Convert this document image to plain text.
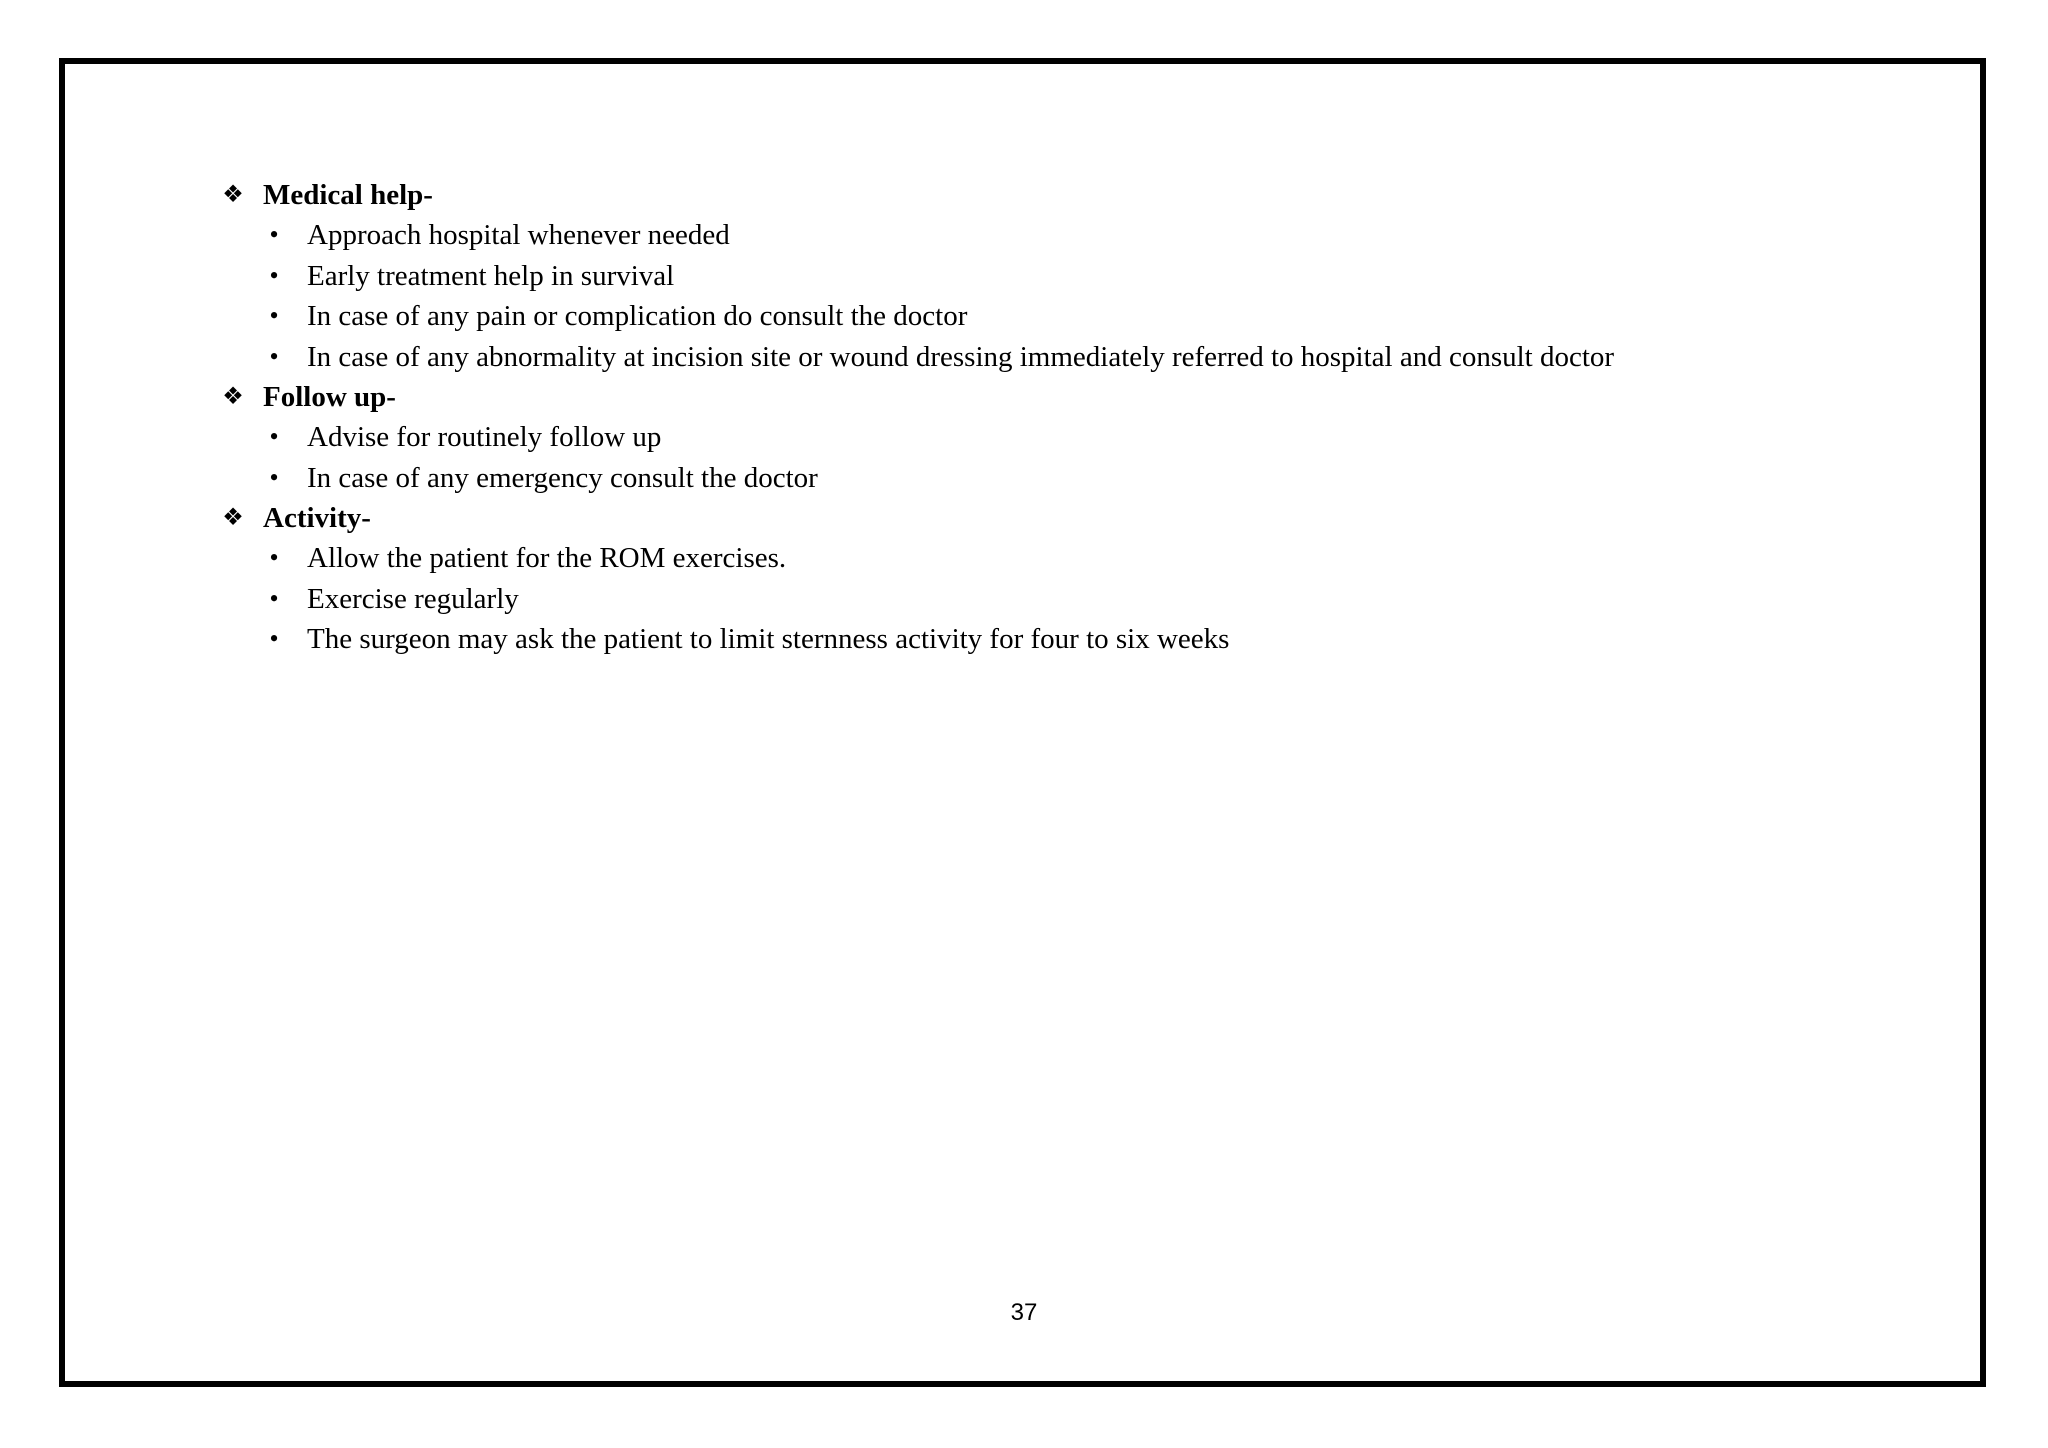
❖ Medical help-
• Approach hospital whenever needed
• Early treatment help in survival
• In case of any pain or complication do consult the doctor
• In case of any abnormality at incision site or wound dressing immediately referred to hospital and consult doctor
❖ Follow up-
• Advise for routinely follow up
• In case of any emergency consult the doctor
❖ Activity-
• Allow the patient for the ROM exercises.
• Exercise regularly
• The surgeon may ask the patient to limit sternness activity for four to six weeks
37
